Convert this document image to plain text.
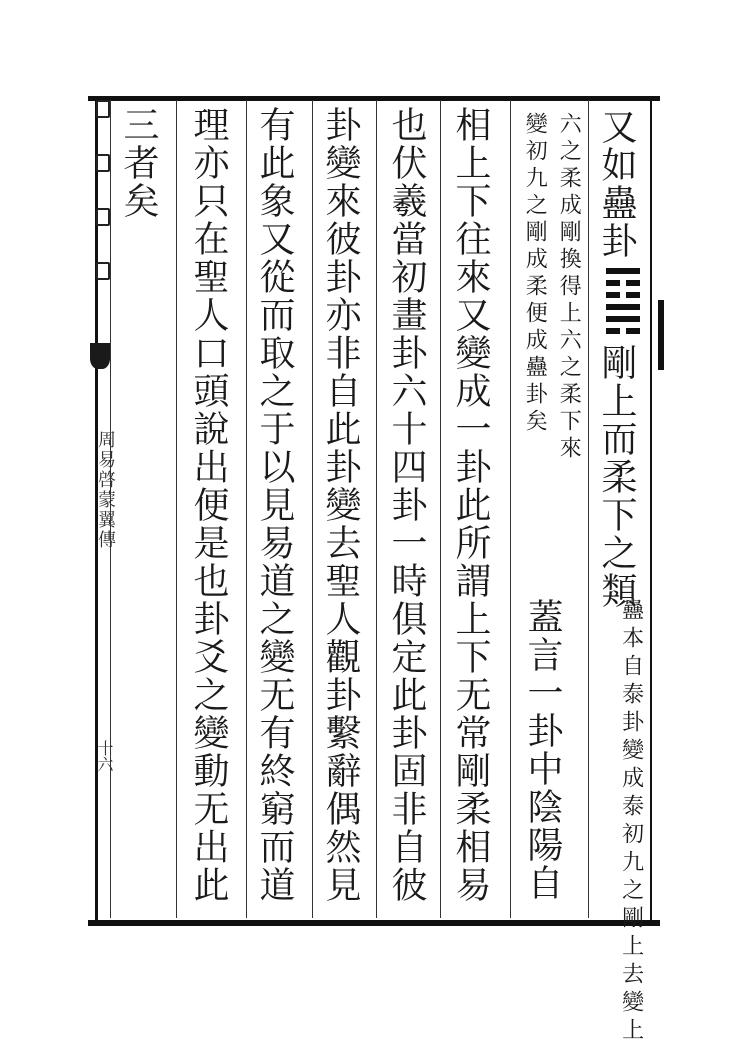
周易啓蒙翼傳
十六
又如蠱卦
剛上而柔下之類
蠱本自泰卦變成泰初九之剛上去變上
六之柔成剛換得上六之柔下來
變初九之剛成柔便成蠱卦矣
蓋言一卦中陰陽自
相上下往來又變成一卦此所謂上下无常剛柔相易
也伏羲當初畫卦六十四卦一時俱定此卦固非自彼
卦變來彼卦亦非自此卦變去聖人觀卦繫辭偶然見
有此象又從而取之于以見易道之變无有終窮而道
理亦只在聖人口頭說出便是也卦爻之變動无出此
三者矣
